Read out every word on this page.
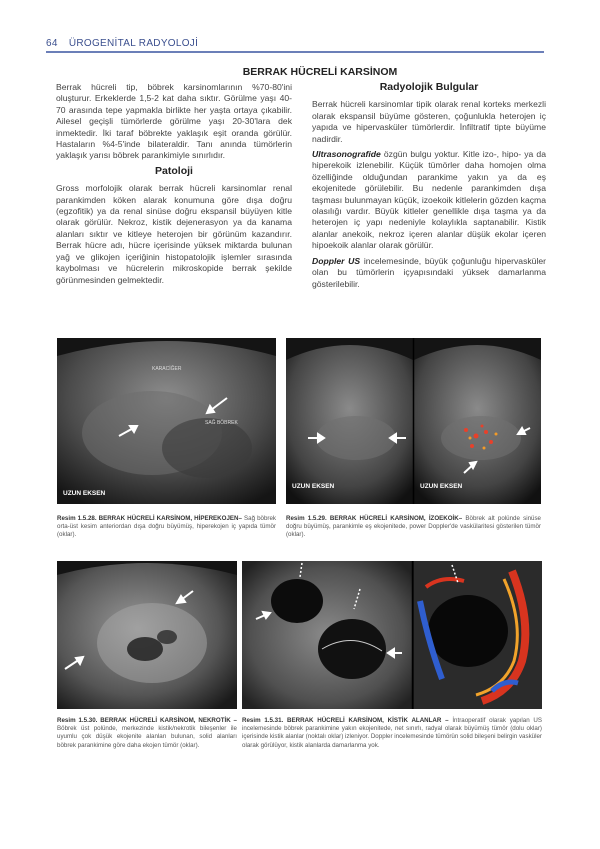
64 ÜROGENİTAL RADYOLOJİ
BERRAK HÜCRELİ KARSİNOM

Berrak hücreli tip, böbrek karsinomlarının %70-80'ini oluşturur. Erkeklerde 1,5-2 kat daha sıktır. Görülme yaşı 40-70 arasında tepe yapmakla birlikte her yaşta ortaya çıkabilir. Ailesel geçişli tümörlerde görülme yaşı 20-30'lara dek inmektedir. İki taraf böbrekte yaklaşık eşit oranda görülür. Hastaların %4-5'inde bilateraldir. Tanı anında tümörlerin yaklaşık yarısı böbrek parankimiyle sınırlıdır.

Patoloji

Gross morfolojik olarak berrak hücreli karsinomlar renal parankimden köken alarak konumuna göre dışa doğru (egzofitik) ya da renal sinüse doğru ekspansil büyüyen kitle olarak görülür. Nekroz, kistik dejenerasyon ya da kanama alanları sıktır ve kitleye heterojen bir görünüm kazandırır. Berrak hücre adı, hücre içerisinde yüksek miktarda bulunan yağ ve glikojen içeriğinin histopatolojik işlemler sırasında kaybolması ve hücrelerin mikroskopide berrak şekilde görünmesinden gelmektedir.

Radyolojik Bulgular

Berrak hücreli karsinomlar tipik olarak renal korteks merkezli olarak ekspansil büyüme gösteren, çoğunlukla heterojen iç yapıda ve hipervasküler tümörlerdir. İnfiltratif tipte büyüme nadirdir.

Ultrasonografide özgün bulgu yoktur. Kitle izo-, hipo- ya da hiperekoik izlenebilir. Küçük tümörler daha homojen olma özelliğinde olduğundan parankime yakın ya da eş ekojenitede görülebilir. Bu nedenle parankimden dışa taşması bulunmayan küçük, izoekoik kitlelerin gözden kaçma olasılığı vardır. Büyük kitleler genellikle dışa taşma ya da heterojen iç yapı nedeniyle kolaylıkla saptanabilir. Kistik alanlar anekoik, nekroz içeren alanlar düşük ekolar içeren hipoekoik alanlar olarak görülür.

Doppler US incelemesinde, büyük çoğunluğu hipervasküler olan bu tümörlerin içyapısındaki yüksek damarlanma gösterilebilir.

KARACİĞER
SAĞ BÖBREK
UZUN EKSEN
UZUN EKSEN	UZUN EKSEN
Resim 1.5.28. BERRAK HÜCRELİ KARSİNOM, HİPEREKOJEN– Sağ böbrek orta-üst kesim anteriordan dışa doğru büyümüş, hiperekojen iç yapıda tümör (oklar).
Resim 1.5.29. BERRAK HÜCRELİ KARSİNOM, İZOEKOİK– Böbrek alt polünde sinüse doğru büyümüş, parankimle eş ekojenitede, power Doppler'de vaskülaritesi gösterilen tümör (oklar).
Resim 1.5.30. BERRAK HÜCRELİ KARSİNOM, NEKROTİK – Böbrek üst polünde, merkezinde kistik/nekrotik bileşenler ile uyumlu çok düşük ekojenite alanları bulunan, solid alanları böbrek parankimine göre daha ekojen tümör (oklar).
Resim 1.5.31. BERRAK HÜCRELİ KARSİNOM, KİSTİK ALANLAR – İntraoperatif olarak yapılan US incelemesinde böbrek parankimine yakın ekojenitede, net sınırlı, radyal olarak büyümüş tümör (dolu oklar) içerisinde kistik alanlar (noktalı oklar) izleniyor. Doppler incelemesinde tümörün solid bileşeni belirgin vasküler olarak görülüyor, kistik alanlarda damarlanma yok.
